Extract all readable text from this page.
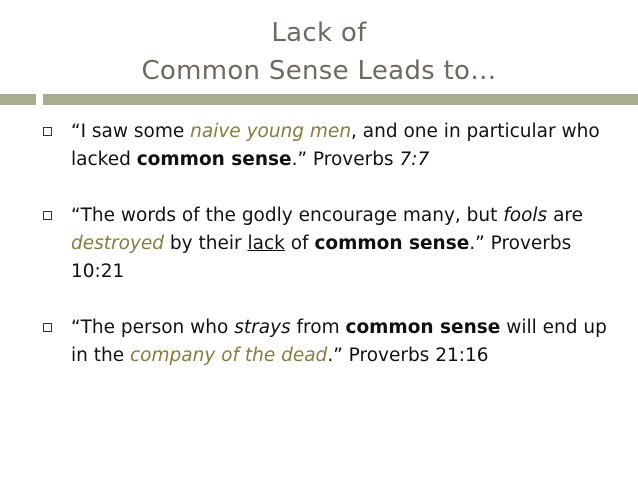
Lack of
Common Sense Leads to…
“I saw some naive young men, and one in particular who lacked common sense.” Proverbs 7:7
“The words of the godly encourage many, but fools are destroyed by their lack of common sense.” Proverbs 10:21
“The person who strays from common sense will end up in the company of the dead.” Proverbs 21:16
